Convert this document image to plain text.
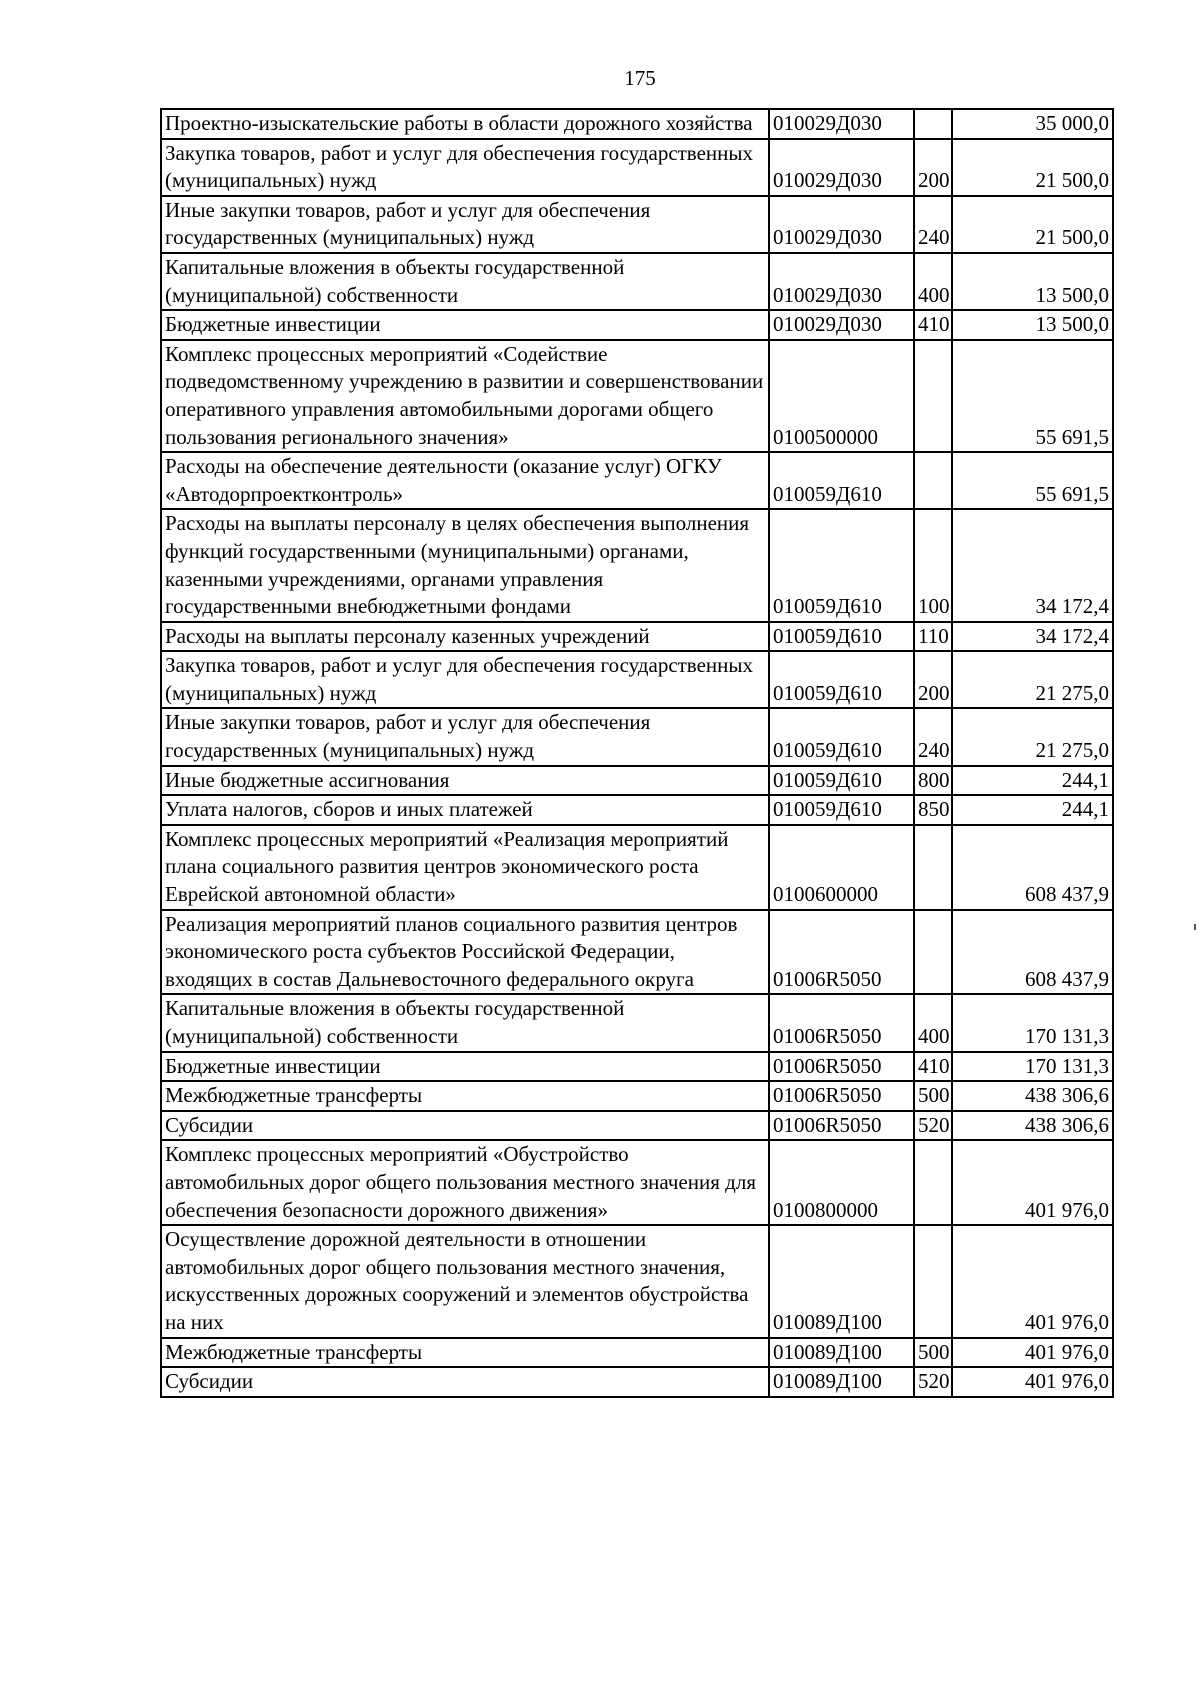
175
Проектно-изыскательские работы в области дорожного хозяйства	010029Д030		35 000,0
Закупка товаров, работ и услуг для обеспечения государственных (муниципальных) нужд	010029Д030	200	21 500,0
Иные закупки товаров, работ и услуг для обеспечения государственных (муниципальных) нужд	010029Д030	240	21 500,0
Капитальные вложения в объекты государственной (муниципальной) собственности	010029Д030	400	13 500,0
Бюджетные инвестиции	010029Д030	410	13 500,0
Комплекс процессных мероприятий «Содействие подведомственному учреждению в развитии и совершенствовании оперативного управления автомобильными дорогами общего пользования регионального значения»	0100500000		55 691,5
Расходы на обеспечение деятельности (оказание услуг) ОГКУ «Автодорпроектконтроль»	010059Д610		55 691,5
Расходы на выплаты персоналу в целях обеспечения выполнения функций государственными (муниципальными) органами, казенными учреждениями, органами управления государственными внебюджетными фондами	010059Д610	100	34 172,4
Расходы на выплаты персоналу казенных учреждений	010059Д610	110	34 172,4
Закупка товаров, работ и услуг для обеспечения государственных (муниципальных) нужд	010059Д610	200	21 275,0
Иные закупки товаров, работ и услуг для обеспечения государственных (муниципальных) нужд	010059Д610	240	21 275,0
Иные бюджетные ассигнования	010059Д610	800	244,1
Уплата налогов, сборов и иных платежей	010059Д610	850	244,1
Комплекс процессных мероприятий «Реализация мероприятий плана социального развития центров экономического роста Еврейской автономной области»	0100600000		608 437,9
Реализация мероприятий планов социального развития центров экономического роста субъектов Российской Федерации, входящих в состав Дальневосточного федерального округа	01006R5050		608 437,9
Капитальные вложения в объекты государственной (муниципальной) собственности	01006R5050	400	170 131,3
Бюджетные инвестиции	01006R5050	410	170 131,3
Межбюджетные трансферты	01006R5050	500	438 306,6
Субсидии	01006R5050	520	438 306,6
Комплекс процессных мероприятий «Обустройство автомобильных дорог общего пользования местного значения для обеспечения безопасности дорожного движения»	0100800000		401 976,0
Осуществление дорожной деятельности в отношении автомобильных дорог общего пользования местного значения, искусственных дорожных сооружений и элементов обустройства на них	010089Д100		401 976,0
Межбюджетные трансферты	010089Д100	500	401 976,0
Субсидии	010089Д100	520	401 976,0
